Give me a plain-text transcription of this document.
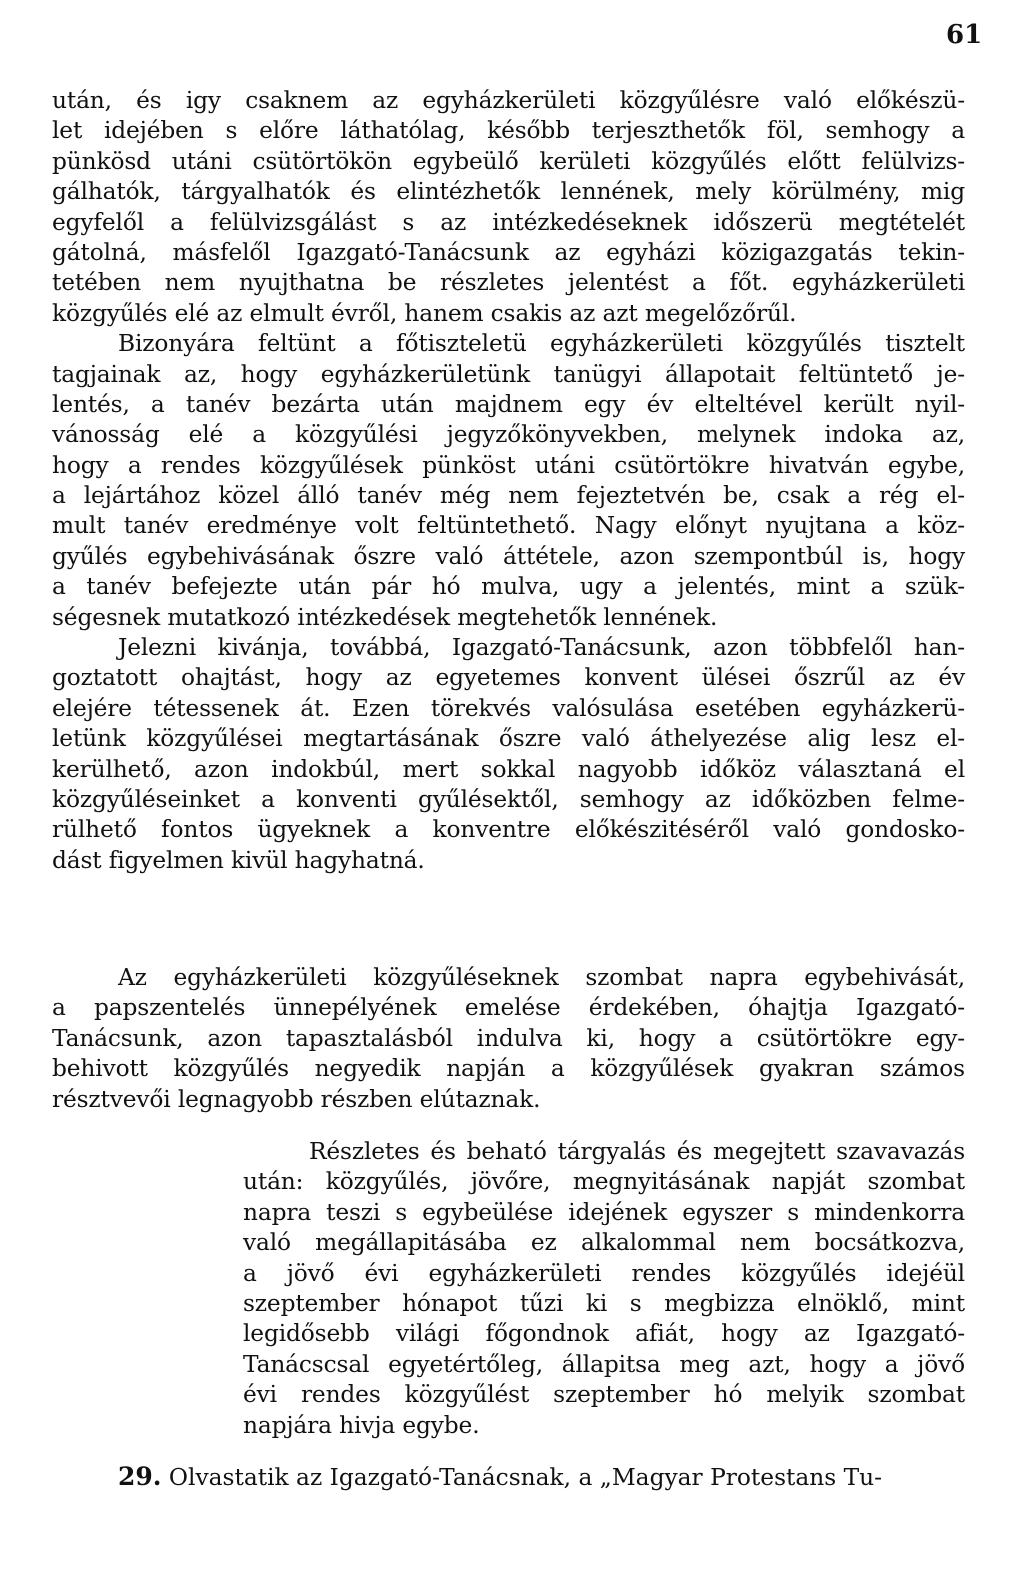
61
után, és igy csaknem az egyházkerületi közgyűlésre való előkészü-
let idejében s előre láthatólag, később terjeszthetők föl, semhogy a
pünkösd utáni csütörtökön egybeülő kerületi közgyűlés előtt felülvizs-
gálhatók, tárgyalhatók és elintézhetők lennének, mely körülmény, mig
egyfelől a felülvizsgálást s az intézkedéseknek időszerü megtételét
gátolná, másfelől Igazgató-Tanácsunk az egyházi közigazgatás tekin-
tetében nem nyujthatna be részletes jelentést a főt. egyházkerületi
közgyűlés elé az elmult évről, hanem csakis az azt megelőzőrűl.
Bizonyára feltünt a főtiszteletü egyházkerületi közgyűlés tisztelt
tagjainak az, hogy egyházkerületünk tanügyi állapotait feltüntető je-
lentés, a tanév bezárta után majdnem egy év elteltével került nyil-
vánosság elé a közgyűlési jegyzőkönyvekben, melynek indoka az,
hogy a rendes közgyűlések pünköst utáni csütörtökre hivatván egybe,
a lejártához közel álló tanév még nem fejeztetvén be, csak a rég el-
mult tanév eredménye volt feltüntethető. Nagy előnyt nyujtana a köz-
gyűlés egybehivásának őszre való áttétele, azon szempontbúl is, hogy
a tanév befejezte után pár hó mulva, ugy a jelentés, mint a szük-
ségesnek mutatkozó intézkedések megtehetők lennének.
Jelezni kivánja, továbbá, Igazgató-Tanácsunk, azon többfelől han-
goztatott ohajtást, hogy az egyetemes konvent ülései őszrűl az év
elejére tétessenek át. Ezen törekvés valósulása esetében egyházkerü-
letünk közgyűlései megtartásának őszre való áthelyezése alig lesz el-
kerülhető, azon indokbúl, mert sokkal nagyobb időköz választaná el
közgyűléseinket a konventi gyűlésektől, semhogy az időközben felme-
rülhető fontos ügyeknek a konventre előkészitéséről való gondosko-
dást figyelmen kivül hagyhatná.
Az egyházkerületi közgyűléseknek szombat napra egybehivását,
a papszentelés ünnepélyének emelése érdekében, óhajtja Igazgató-
Tanácsunk, azon tapasztalásból indulva ki, hogy a csütörtökre egy-
behivott közgyűlés negyedik napján a közgyűlések gyakran számos
résztvevői legnagyobb részben elútaznak.
Részletes és beható tárgyalás és megejtett szavavazás
után: közgyűlés, jövőre, megnyitásának napját szombat
napra teszi s egybeülése idejének egyszer s mindenkorra
való megállapitásába ez alkalommal nem bocsátkozva,
a jövő évi egyházkerületi rendes közgyűlés idejéül
szeptember hónapot tűzi ki s megbizza elnöklő, mint
legidősebb világi főgondnok afiát, hogy az Igazgató-
Tanácscsal egyetértőleg, állapitsa meg azt, hogy a jövő
évi rendes közgyűlést szeptember hó melyik szombat
napjára hivja egybe.
29. Olvastatik az Igazgató-Tanácsnak, a „Magyar Protestans Tu-
